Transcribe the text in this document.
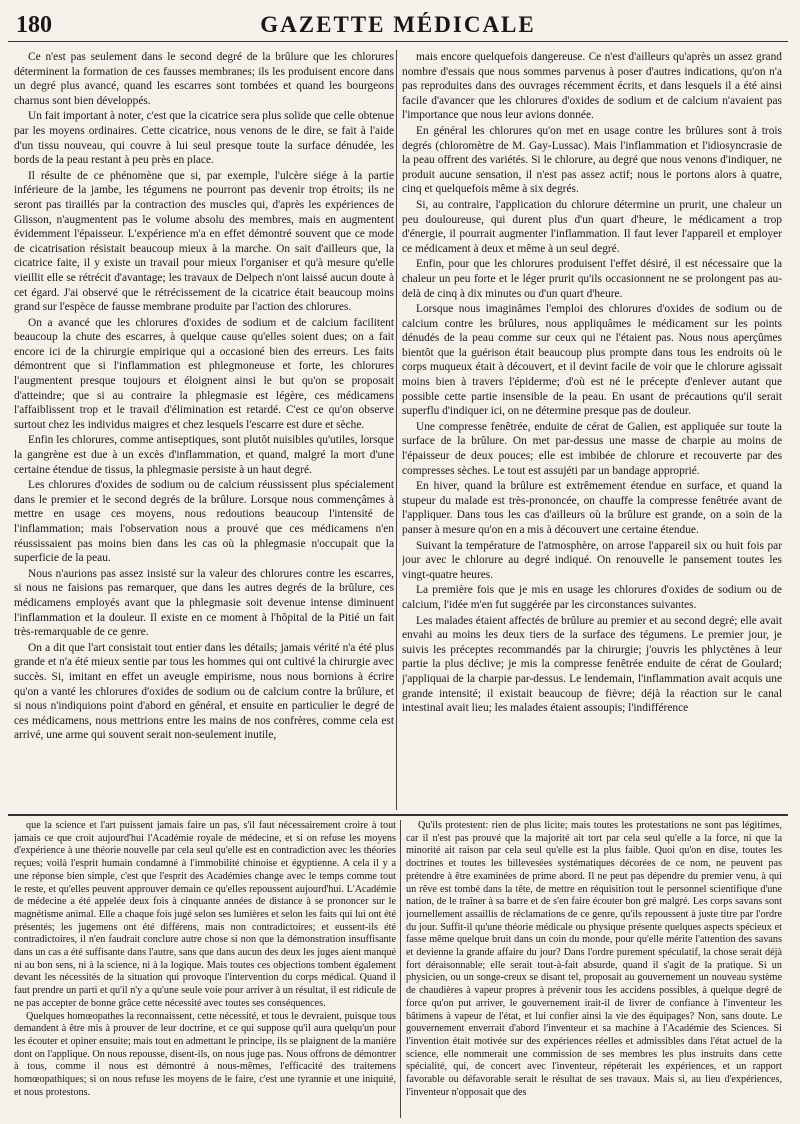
180	GAZETTE MÉDICALE

Ce n'est pas seulement dans le second degré de la brûlure que les chlorures déterminent la formation de ces fausses membranes; ils les produisent encore dans un degré plus avancé, quand les escarres sont tombées et quand les bourgeons charnus sont bien développés.

Un fait important à noter, c'est que la cicatrice sera plus solide que celle obtenue par les moyens ordinaires. Cette cicatrice, nous venons de le dire, se fait à l'aide d'un tissu nouveau, qui couvre à lui seul presque toute la surface dénudée, les bords de la peau restant à peu près en place.

Il résulte de ce phénomène que si, par exemple, l'ulcère siége à la partie inférieure de la jambe, les tégumens ne pourront pas devenir trop étroits; ils ne seront pas tiraillés par la contraction des muscles qui, d'après les expériences de Glisson, n'augmentent pas le volume absolu des membres, mais en augmentent évidemment l'épaisseur. L'expérience m'a en effet démontré souvent que ce mode de cicatrisation résistait beaucoup mieux à la marche. On sait d'ailleurs que, la cicatrice faite, il y existe un travail pour mieux l'organiser et qu'à mesure qu'elle vieillit elle se rétrécit d'avantage; les travaux de Delpech n'ont laissé aucun doute à cet égard. J'ai observé que le rétrécissement de la cicatrice était beaucoup moins grand sur l'espèce de fausse membrane produite par l'action des chlorures.

On a avancé que les chlorures d'oxides de sodium et de calcium facilitent beaucoup la chute des escarres, à quelque cause qu'elles soient dues; on a fait encore ici de la chirurgie empirique qui a occasioné bien des erreurs. Les faits démontrent que si l'inflammation est phlegmoneuse et forte, les chlorures l'augmentent presque toujours et éloignent ainsi le but qu'on se proposait d'atteindre; que si au contraire la phlegmasie est légère, ces médicamens l'affaiblissent trop et le travail d'élimination est retardé. C'est ce qu'on observe surtout chez les individus maigres et chez lesquels l'escarre est dure et sèche.

Enfin les chlorures, comme antiseptiques, sont plutôt nuisibles qu'utiles, lorsque la gangrène est due à un excès d'inflammation, et quand, malgré la mort d'une certaine étendue de tissus, la phlegmasie persiste à un haut degré.

Les chlorures d'oxides de sodium ou de calcium réussissent plus spécialement dans le premier et le second degrés de la brûlure. Lorsque nous commençâmes à mettre en usage ces moyens, nous redoutions beaucoup l'intensité de l'inflammation; mais l'observation nous a prouvé que ces médicamens n'en réussissaient pas moins bien dans les cas où la phlegmasie n'occupait que la superficie de la peau.

Nous n'aurions pas assez insisté sur la valeur des chlorures contre les escarres, si nous ne faisions pas remarquer, que dans les autres degrés de la brûlure, ces médicamens employés avant que la phlegmasie soit devenue intense diminuent l'inflammation et la douleur. Il existe en ce moment à l'hôpital de la Pitié un fait très-remarquable de ce genre.

On a dit que l'art consistait tout entier dans les détails; jamais vérité n'a été plus grande et n'a été mieux sentie par tous les hommes qui ont cultivé la chirurgie avec succès. Si, imitant en effet un aveugle empirisme, nous nous bornions à écrire qu'on a vanté les chlorures d'oxides de sodium ou de calcium contre la brûlure, et si nous n'indiquions point d'abord en général, et ensuite en particulier le degré de ces médicamens, nous mettrions entre les mains de nos confrères, comme cela est arrivé, une arme qui souvent serait non-seulement inutile,

mais encore quelquefois dangereuse. Ce n'est d'ailleurs qu'après un assez grand nombre d'essais que nous sommes parvenus à poser d'autres indications, qu'on n'a pas reproduites dans des ouvrages récemment écrits, et dans lesquels il a été ainsi facile d'avancer que les chlorures d'oxides de sodium et de calcium n'avaient pas l'importance que nous leur avions donnée.

En général les chlorures qu'on met en usage contre les brûlures sont à trois degrés (chloromètre de M. Gay-Lussac). Mais l'inflammation et l'idiosyncrasie de la peau offrent des variétés. Si le chlorure, au degré que nous venons d'indiquer, ne produit aucune sensation, il n'est pas assez actif; nous le portons alors à quatre, cinq et quelquefois même à six degrés.

Si, au contraire, l'application du chlorure détermine un prurit, une chaleur un peu douloureuse, qui durent plus d'un quart d'heure, le médicament a trop d'énergie, il pourrait augmenter l'inflammation. Il faut lever l'appareil et employer ce médicament à deux et même à un seul degré.

Enfin, pour que les chlorures produisent l'effet désiré, il est nécessaire que la chaleur un peu forte et le léger prurit qu'ils occasionnent ne se prolongent pas au-delà de cinq à dix minutes ou d'un quart d'heure.

Lorsque nous imaginâmes l'emploi des chlorures d'oxides de sodium ou de calcium contre les brûlures, nous appliquâmes le médicament sur les points dénudés de la peau comme sur ceux qui ne l'étaient pas. Nous nous aperçûmes bientôt que la guérison était beaucoup plus prompte dans tous les endroits où le corps muqueux était à découvert, et il devint facile de voir que le chlorure agissait moins bien à travers l'épiderme; d'où est né le précepte d'enlever autant que possible cette partie insensible de la peau. En usant de précautions qu'il serait superflu d'indiquer ici, on ne détermine presque pas de douleur.

Une compresse fenêtrée, enduite de cérat de Galien, est appliquée sur toute la surface de la brûlure. On met par-dessus une masse de charpie au moins de l'épaisseur de deux pouces; elle est imbibée de chlorure et recouverte par des compresses sèches. Le tout est assujéti par un bandage approprié.

En hiver, quand la brûlure est extrêmement étendue en surface, et quand la stupeur du malade est très-prononcée, on chauffe la compresse fenêtrée avant de l'appliquer. Dans tous les cas d'ailleurs où la brûlure est grande, on a soin de la panser à mesure qu'on en a mis à découvert une certaine étendue.

Suivant la température de l'atmosphère, on arrose l'appareil six ou huit fois par jour avec le chlorure au degré indiqué. On renouvelle le pansement toutes les vingt-quatre heures.

La première fois que je mis en usage les chlorures d'oxides de sodium ou de calcium, l'idée m'en fut suggérée par les circonstances suivantes.

Les malades étaient affectés de brûlure au premier et au second degré; elle avait envahi au moins les deux tiers de la surface des tégumens. Le premier jour, je suivis les préceptes recommandés par la chirurgie; j'ouvris les phlyctènes à leur partie la plus déclive; je mis la compresse fenêtrée enduite de cérat de Goulard; j'appliquai de la charpie par-dessus. Le lendemain, l'inflammation avait acquis une grande intensité; il existait beaucoup de fièvre; déjà la réaction sur le canal intestinal avait lieu; les malades étaient assoupis; l'indifférence

que la science et l'art puissent jamais faire un pas, s'il faut nécessairement croire à tout jamais ce que croit aujourd'hui l'Académie royale de médecine, et si on refuse les moyens d'expérience à une théorie nouvelle par cela seul qu'elle est en contradiction avec les théories reçues; voilà l'esprit humain condamné à l'immobilité chinoise et égyptienne. A cela il y a une réponse bien simple, c'est que l'esprit des Académies change avec le temps comme tout le reste, et qu'elles peuvent approuver demain ce qu'elles repoussent aujourd'hui. L'Académie de médecine a été appelée deux fois à cinquante années de distance à se prononcer sur le magnétisme animal. Elle a chaque fois jugé selon ses lumières et selon les faits qui lui ont été présentés; les jugemens ont été différens, mais non contradictoires; et eussent-ils été contradictoires, il n'en faudrait conclure autre chose si non que la démonstration insuffisante dans un cas a été suffisante dans l'autre, sans que dans aucun des deux les juges aient manqué ni au bon sens, ni à la science, ni à la logique. Mais toutes ces objections tombent également devant les nécessités de la situation qui provoque l'intervention du corps médical. Quand il faut prendre un parti et qu'il n'y a qu'une seule voie pour arriver à un résultat, il est ridicule de ne pas accepter de bonne grâce cette nécessité avec toutes ses conséquences.

Quelques homœopathes la reconnaissent, cette nécessité, et tous le devraient, puisque tous demandent à être mis à prouver de leur doctrine, et ce qui suppose qu'il aura quelqu'un pour les écouter et opiner ensuite; mais tout en admettant le principe, ils se plaignent de la manière dont on l'applique. On nous repousse, disent-ils, on nous juge pas. Nous offrons de démontrer à tous, comme il nous est démontré à nous-mêmes, l'efficacité des traitemens homœopathiques; si on nous refuse les moyens de le faire, c'est une tyrannie et une iniquité, et nous protestons.

Qu'ils protestent: rien de plus licite; mais toutes les protestations ne sont pas légitimes, car il n'est pas prouvé que la majorité ait tort par cela seul qu'elle a la force, ni que la minorité ait raison par cela seul qu'elle est la plus faible. Quoi qu'on en dise, toutes les doctrines et toutes les billevesées systématiques décorées de ce nom, ne peuvent pas prétendre à être examinées de prime abord. Il ne peut pas dépendre du premier venu, à qui un rêve est tombé dans la tête, de mettre en réquisition tout le personnel scientifique d'une nation, de le traîner à sa barre et de s'en faire écouter bon gré malgré. Les corps savans sont journellement assaillis de réclamations de ce genre, qu'ils repoussent à juste titre par l'ordre du jour. Suffit-il qu'une théorie médicale ou physique présente quelques aspects spécieux et fasse même quelque bruit dans un coin du monde, pour qu'elle mérite l'attention des savans et devienne la grande affaire du jour? Dans l'ordre purement spéculatif, la chose serait déjà fort déraisonnable; elle serait tout-à-fait absurde, quand il s'agit de la pratique. Si un physicien, ou un songe-creux se disant tel, proposait au gouvernement un nouveau système de chaudières à vapeur propres à prévenir tous les accidens possibles, à quelque degré de force qu'on put arriver, le gouvernement irait-il de livrer de confiance à l'inventeur les bâtimens à vapeur de l'état, et lui confier ainsi la vie des équipages? Non, sans doute. Le gouvernement enverrait d'abord l'inventeur et sa machine à l'Académie des Sciences. Si l'invention était motivée sur des expériences réelles et admissibles dans l'état actuel de la science, elle nommerait une commission de ses membres les plus instruits dans cette spécialité, qui, de concert avec l'inventeur, répéterait les expériences, et un rapport favorable ou défavorable serait le résultat de ses travaux. Mais si, au lieu d'expériences, l'inventeur n'opposait que des
